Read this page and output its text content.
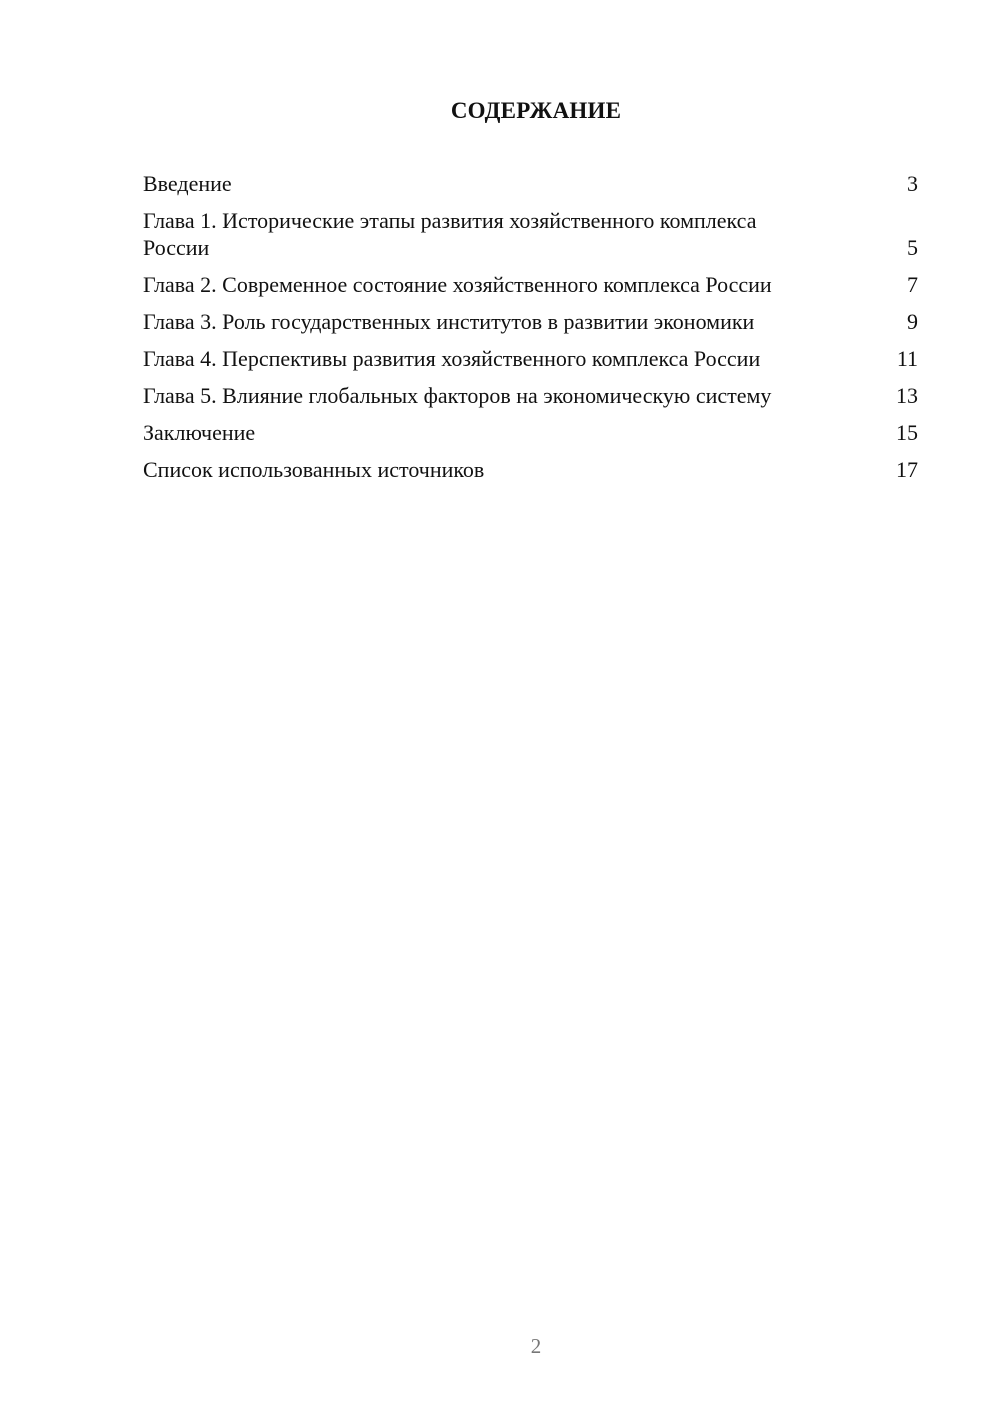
СОДЕРЖАНИЕ
Введение	3
Глава 1. Исторические этапы развития хозяйственного комплекса России	5
Глава 2. Современное состояние хозяйственного комплекса России	7
Глава 3. Роль государственных институтов в развитии экономики	9
Глава 4. Перспективы развития хозяйственного комплекса России	11
Глава 5. Влияние глобальных факторов на экономическую систему	13
Заключение	15
Список использованных источников	17
2
